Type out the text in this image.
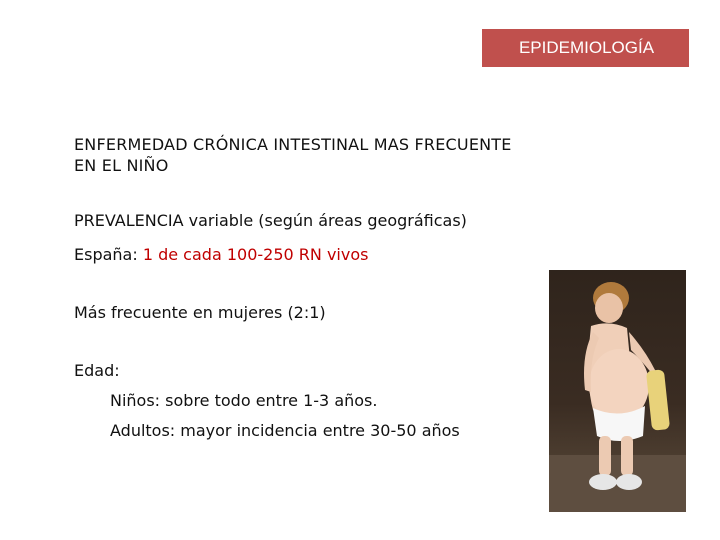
EPIDEMIOLOGÍA
ENFERMEDAD CRÓNICA INTESTINAL MAS FRECUENTE
EN EL NIÑO
PREVALENCIA variable (según áreas geográficas)
España: 1 de cada 100-250 RN vivos
Más frecuente en mujeres (2:1)
Edad:
Niños: sobre todo entre 1-3 años.
Adultos: mayor incidencia entre 30-50 años
